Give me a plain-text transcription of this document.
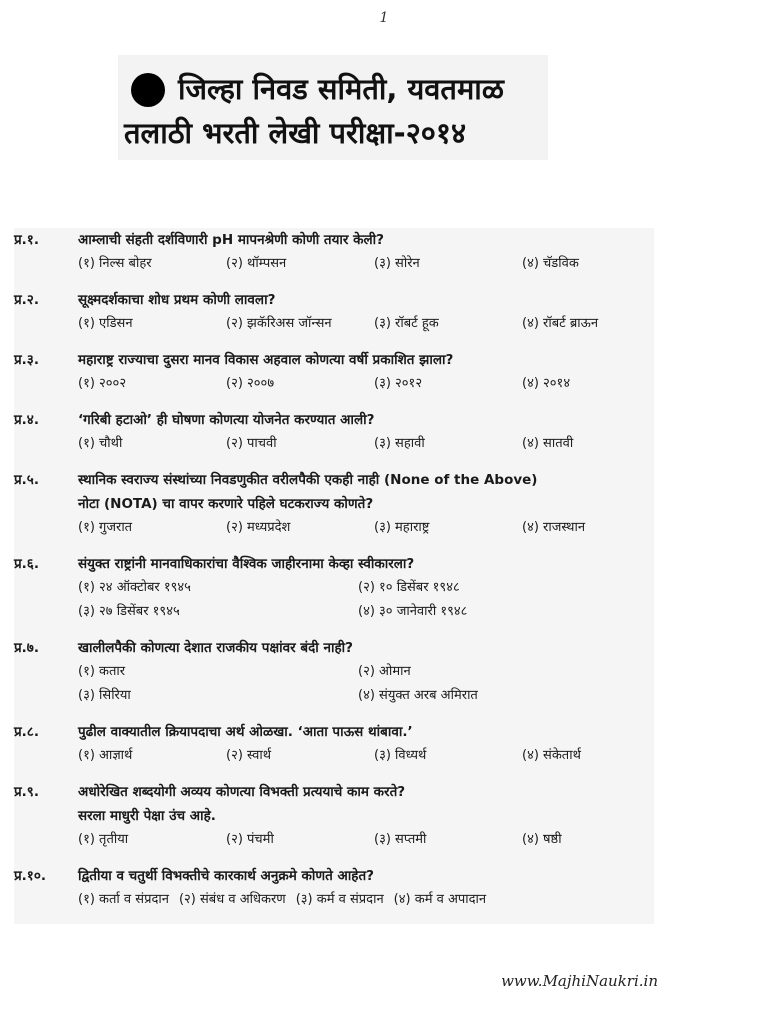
1
जिल्हा निवड समिती, यवतमाळ
तलाठी भरती लेखी परीक्षा-२०१४
प्र.१.	आम्लाची संहती दर्शविणारी pH मापनश्रेणी कोणी तयार केली?
(१) निल्स बोहर	(२) थॉम्पसन	(३) सोरेन	(४) चॅडविक
प्र.२.	सूक्ष्मदर्शकाचा शोध प्रथम कोणी लावला?
(१) एडिसन	(२) झकॅरिअस जॉन्सन	(३) रॉबर्ट हूक	(४) रॉबर्ट ब्राऊन
प्र.३.	महाराष्ट्र राज्याचा दुसरा मानव विकास अहवाल कोणत्या वर्षी प्रकाशित झाला?
(१) २००२	(२) २००७	(३) २०१२	(४) २०१४
प्र.४.	‘गरिबी हटाओ’ ही घोषणा कोणत्या योजनेत करण्यात आली?
(१) चौथी	(२) पाचवी	(३) सहावी	(४) सातवी
प्र.५.	स्थानिक स्वराज्य संस्थांच्या निवडणुकीत वरीलपैकी एकही नाही (None of the Above)
नोटा (NOTA) चा वापर करणारे पहिले घटकराज्य कोणते?
(१) गुजरात	(२) मध्यप्रदेश	(३) महाराष्ट्र	(४) राजस्थान
प्र.६.	संयुक्त राष्ट्रांनी मानवाधिकारांचा वैश्विक जाहीरनामा केव्हा स्वीकारला?
(१) २४ ऑक्टोबर १९४५	(२) १० डिसेंबर १९४८
(३) २७ डिसेंबर १९४५	(४) ३० जानेवारी १९४८
प्र.७.	खालीलपैकी कोणत्या देशात राजकीय पक्षांवर बंदी नाही?
(१) कतार	(२) ओमान
(३) सिरिया	(४) संयुक्त अरब अमिरात
प्र.८.	पुढील वाक्यातील क्रियापदाचा अर्थ ओळखा. ‘आता पाऊस थांबावा.’
(१) आज्ञार्थ	(२) स्वार्थ	(३) विध्यर्थ	(४) संकेतार्थ
प्र.९.	अधोरेखित शब्दयोगी अव्यय कोणत्या विभक्ती प्रत्ययाचे काम करते?
सरला माधुरी पेक्षा उंच आहे.
(१) तृतीया	(२) पंचमी	(३) सप्तमी	(४) षष्ठी
प्र.१०.	द्वितीया व चतुर्थी विभक्तीचे कारकार्थ अनुक्रमे कोणते आहेत?
(१) कर्ता व संप्रदान (२) संबंध व अधिकरण (३) कर्म व संप्रदान (४) कर्म व अपादान
www.MajhiNaukri.in
